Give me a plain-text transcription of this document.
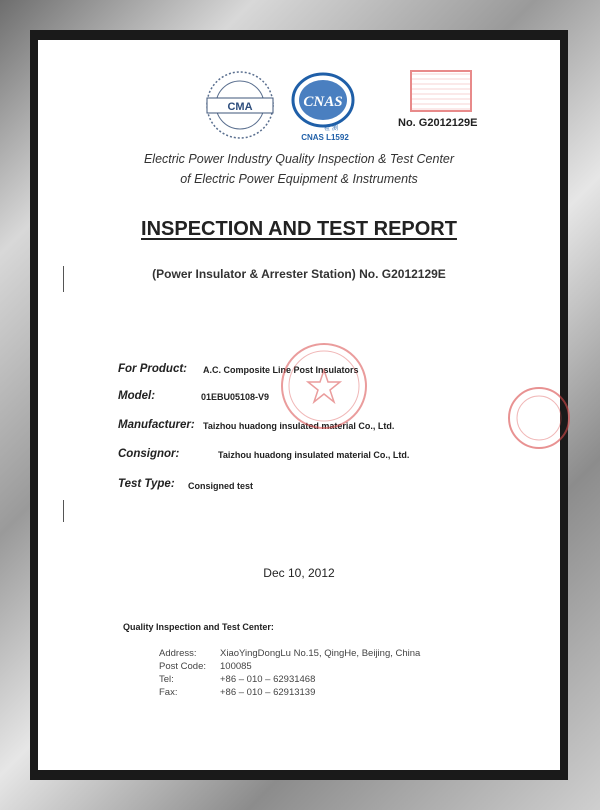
CMA	CNAS
检 测
CNAS L1592
No. G2012129E
Electric Power Industry Quality Inspection & Test Center
of Electric Power Equipment & Instruments
INSPECTION AND TEST REPORT
(Power Insulator & Arrester Station) No. G2012129E
For Product: A.C. Composite Line Post Insulators
Model:	01EBU05108-V9
Manufacturer: Taizhou huadong insulated material Co., Ltd.
Consignor:	Taizhou huadong insulated material Co., Ltd.
Test Type: Consigned test
Dec 10, 2012
Quality Inspection and Test Center:
Address: XiaoYingDongLu No.15, QingHe, Beijing, China
Post Code: 100085
Tel:	+86 – 010 – 62931468
Fax:	+86 – 010 – 62913139
